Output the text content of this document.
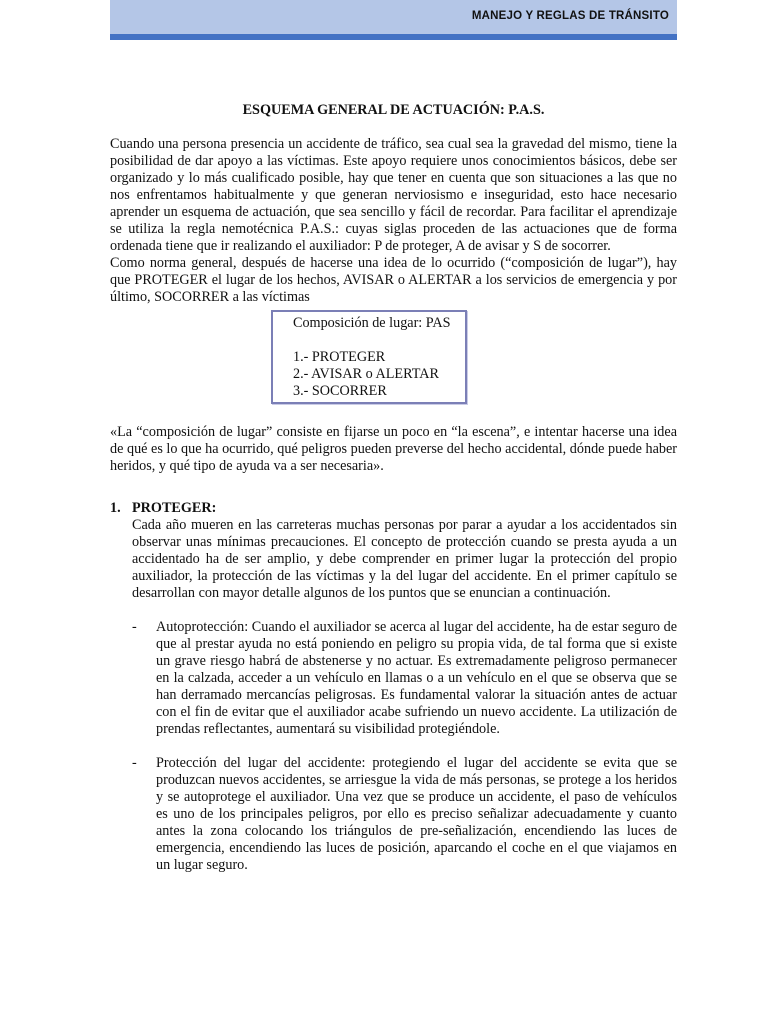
MANEJO Y REGLAS DE TRÁNSITO
ESQUEMA GENERAL DE ACTUACIÓN: P.A.S.

Cuando una persona presencia un accidente de tráfico, sea cual sea la gravedad del mismo, tiene la posibilidad de dar apoyo a las víctimas. Este apoyo requiere unos conocimientos básicos, debe ser organizado y lo más cualificado posible, hay que tener en cuenta que son situaciones a las que no nos enfrentamos habitualmente y que generan nerviosismo e inseguridad, esto hace necesario aprender un esquema de actuación, que sea sencillo y fácil de recordar. Para facilitar el aprendizaje se utiliza la regla nemotécnica P.A.S.: cuyas siglas proceden de las actuaciones que de forma ordenada tiene que ir realizando el auxiliador: P de proteger, A de avisar y S de socorrer.

Como norma general, después de hacerse una idea de lo ocurrido (“composición de lugar”), hay que PROTEGER el lugar de los hechos, AVISAR o ALERTAR a los servicios de emergencia y por último, SOCORRER a las víctimas

Composición de lugar: PAS
1.- PROTEGER
2.- AVISAR o ALERTAR
3.- SOCORRER

«La “composición de lugar” consiste en fijarse un poco en “la escena”, e intentar hacerse una idea de qué es lo que ha ocurrido, qué peligros pueden preverse del hecho accidental, dónde puede haber heridos, y qué tipo de ayuda va a ser necesaria».

1. PROTEGER:

Cada año mueren en las carreteras muchas personas por parar a ayudar a los accidentados sin observar unas mínimas precauciones. El concepto de protección cuando se presta ayuda a un accidentado ha de ser amplio, y debe comprender en primer lugar la protección del propio auxiliador, la protección de las víctimas y la del lugar del accidente. En el primer capítulo se desarrollan con mayor detalle algunos de los puntos que se enuncian a continuación.

-	Autoprotección: Cuando el auxiliador se acerca al lugar del accidente, ha de estar seguro de que al prestar ayuda no está poniendo en peligro su propia vida, de tal forma que si existe un grave riesgo habrá de abstenerse y no actuar. Es extremadamente peligroso permanecer en la calzada, acceder a un vehículo en llamas o a un vehículo en el que se observa que se han derramado mercancías peligrosas. Es fundamental valorar la situación antes de actuar con el fin de evitar que el auxiliador acabe sufriendo un nuevo accidente. La utilización de prendas reflectantes, aumentará su visibilidad protegiéndole.

-	Protección del lugar del accidente: protegiendo el lugar del accidente se evita que se produzcan nuevos accidentes, se arriesgue la vida de más personas, se protege a los heridos y se autoprotege el auxiliador. Una vez que se produce un accidente, el paso de vehículos es uno de los principales peligros, por ello es preciso señalizar adecuadamente y cuanto antes la zona colocando los triángulos de pre-señalización, encendiendo las luces de emergencia, encendiendo las luces de posición, aparcando el coche en el que viajamos en un lugar seguro.
